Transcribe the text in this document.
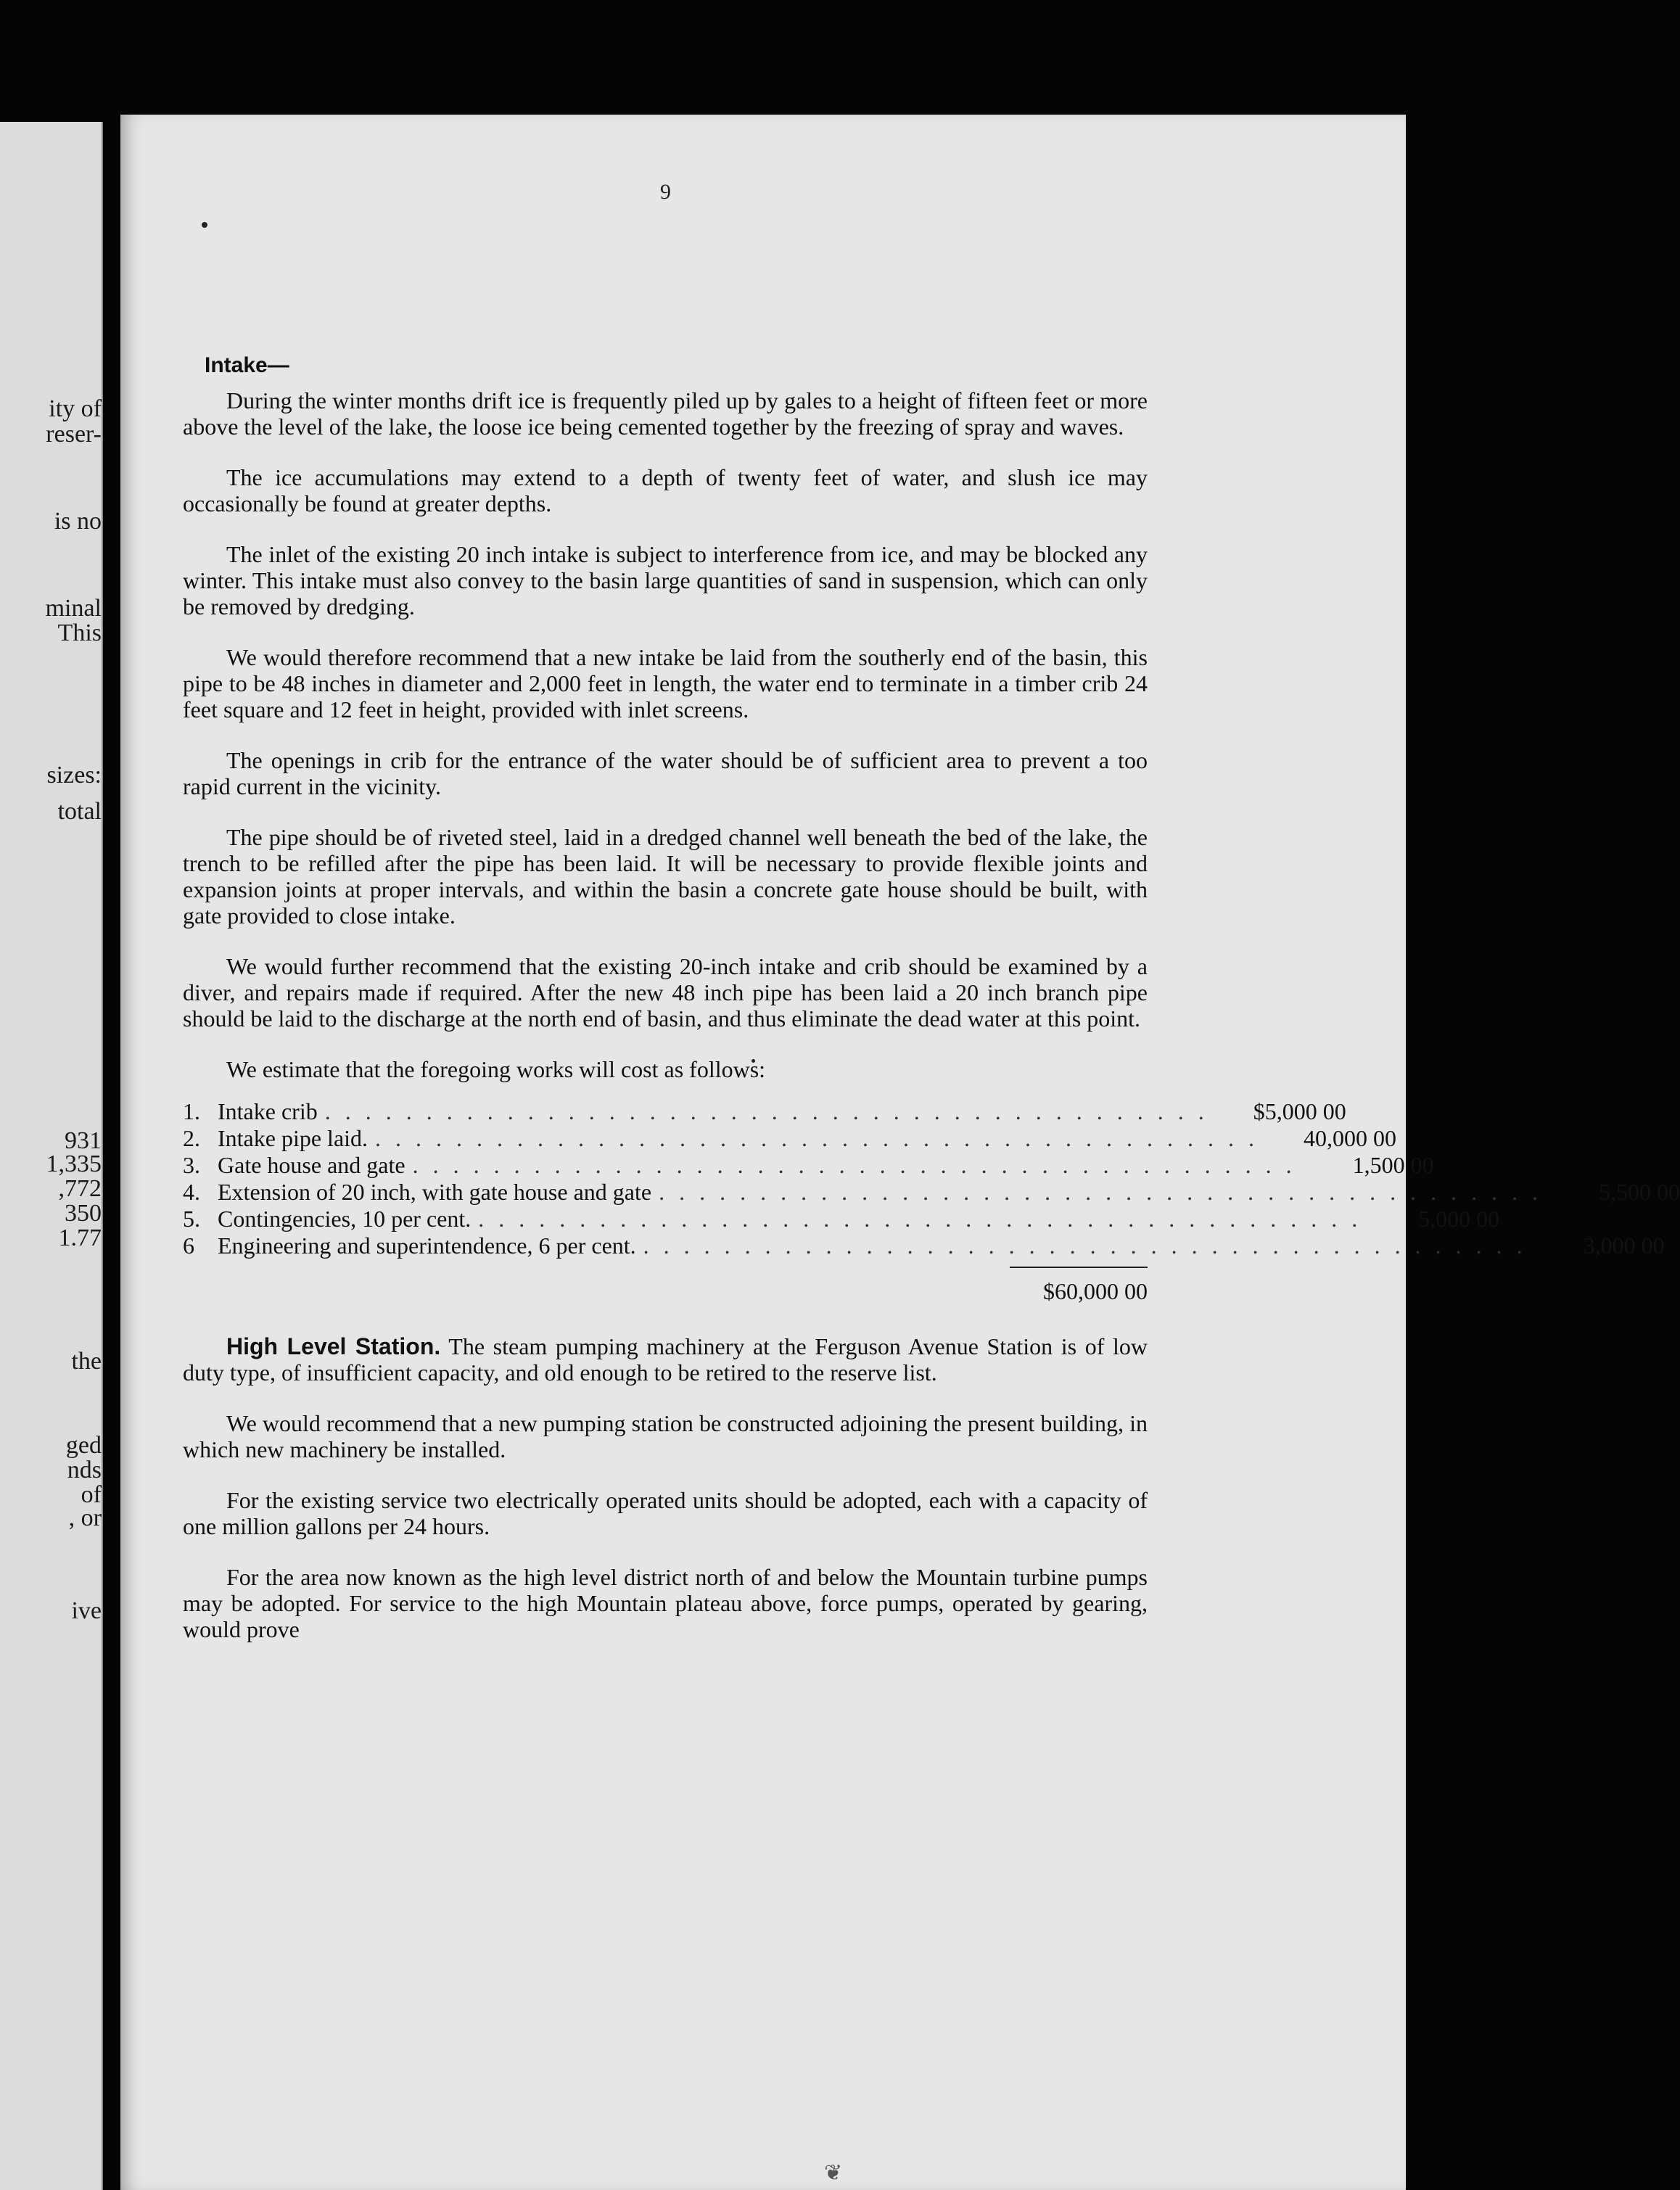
ity of
reser-
is no
minal
This
sizes:
total
931
1,335
,772
350
1.77
the
ged
nds
of
, or
ive
9
Intake—

During the winter months drift ice is frequently piled up by gales to a height of fifteen feet or more above the level of the lake, the loose ice being cemented together by the freezing of spray and waves.

The ice accumulations may extend to a depth of twenty feet of water, and slush ice may occasionally be found at greater depths.

The inlet of the existing 20 inch intake is subject to interference from ice, and may be blocked any winter. This intake must also convey to the basin large quantities of sand in suspension, which can only be removed by dredging.

We would therefore recommend that a new intake be laid from the southerly end of the basin, this pipe to be 48 inches in diameter and 2,000 feet in length, the water end to terminate in a timber crib 24 feet square and 12 feet in height, provided with inlet screens.

The openings in crib for the entrance of the water should be of sufficient area to prevent a too rapid current in the vicinity.

The pipe should be of riveted steel, laid in a dredged channel well beneath the bed of the lake, the trench to be refilled after the pipe has been laid. It will be necessary to provide flexible joints and expansion joints at proper intervals, and within the basin a concrete gate house should be built, with gate provided to close intake.

We would further recommend that the existing 20-inch intake and crib should be examined by a diver, and repairs made if required. After the new 48 inch pipe has been laid a 20 inch branch pipe should be laid to the discharge at the north end of basin, and thus eliminate the dead water at this point.

We estimate that the foregoing works will cost as follows:

1. Intake crib . . . . . . . . . . . . . . . . . . . . . . . . . . . . . . . . . . . . . . . . . . . .	$5,000 00
2. Intake pipe laid. . . . . . . . . . . . . . . . . . . . . . . . . . . . . . . . . . . . . . . . . . . . .	40,000 00
3. Gate house and gate . . . . . . . . . . . . . . . . . . . . . . . . . . . . . . . . . . . . . . . . . . . .	1,500 00
4. Extension of 20 inch, with gate house and gate . . . . . . . . . . . . . . . . . . . . . . . . . . . . . . . . . . . . . . . . . . . .	5,500 00
5. Contingencies, 10 per cent. . . . . . . . . . . . . . . . . . . . . . . . . . . . . . . . . . . . . . . . . . . . .	5,000 00
6	Engineering and superintendence, 6 per cent. . . . . . . . . . . . . . . . . . . . . . . . . . . . . . . . . . . . . . . . . . . . .	3,000 00
$60,000 00

High Level Station. The steam pumping machinery at the Ferguson Avenue Station is of low duty type, of insufficient capacity, and old enough to be retired to the reserve list.

We would recommend that a new pumping station be constructed adjoining the present building, in which new machinery be installed.

For the existing service two electrically operated units should be adopted, each with a capacity of one million gallons per 24 hours.

For the area now known as the high level district north of and below the Mountain turbine pumps may be adopted. For service to the high Mountain plateau above, force pumps, operated by gearing, would prove

❦
